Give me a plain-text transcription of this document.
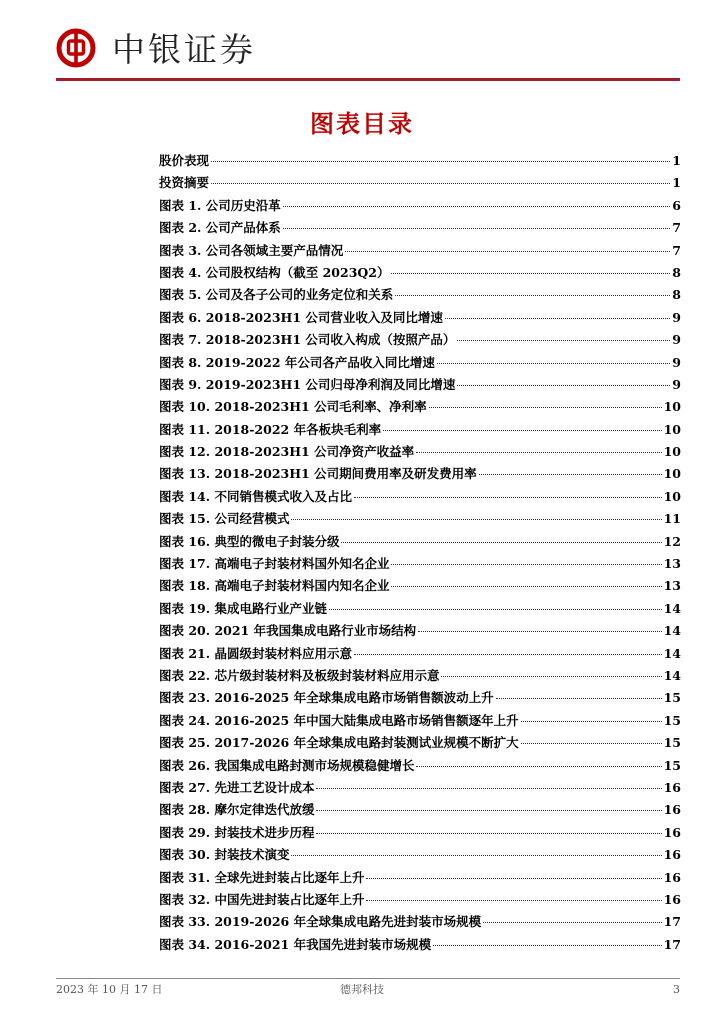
中银证券
图表目录
股价表现	1
投资摘要	1
图表 1. 公司历史沿革	6
图表 2. 公司产品体系	7
图表 3. 公司各领域主要产品情况	7
图表 4. 公司股权结构（截至 2023Q2）	8
图表 5. 公司及各子公司的业务定位和关系	8
图表 6. 2018-2023H1 公司营业收入及同比增速	9
图表 7. 2018-2023H1 公司收入构成（按照产品）	9
图表 8. 2019-2022 年公司各产品收入同比增速	9
图表 9. 2019-2023H1 公司归母净利润及同比增速	9
图表 10. 2018-2023H1 公司毛利率、净利率	10
图表 11. 2018-2022 年各板块毛利率	10
图表 12. 2018-2023H1 公司净资产收益率	10
图表 13. 2018-2023H1 公司期间费用率及研发费用率	10
图表 14. 不同销售模式收入及占比	10
图表 15. 公司经营模式	11
图表 16. 典型的微电子封装分级	12
图表 17. 高端电子封装材料国外知名企业	13
图表 18. 高端电子封装材料国内知名企业	13
图表 19. 集成电路行业产业链	14
图表 20. 2021 年我国集成电路行业市场结构	14
图表 21. 晶圆级封装材料应用示意	14
图表 22. 芯片级封装材料及板级封装材料应用示意	14
图表 23. 2016-2025 年全球集成电路市场销售额波动上升	15
图表 24. 2016-2025 年中国大陆集成电路市场销售额逐年上升	15
图表 25. 2017-2026 年全球集成电路封装测试业规模不断扩大	15
图表 26. 我国集成电路封测市场规模稳健增长	15
图表 27. 先进工艺设计成本	16
图表 28. 摩尔定律迭代放缓	16
图表 29. 封装技术进步历程	16
图表 30. 封装技术演变	16
图表 31. 全球先进封装占比逐年上升	16
图表 32. 中国先进封装占比逐年上升	16
图表 33. 2019-2026 年全球集成电路先进封装市场规模	17
图表 34. 2016-2021 年我国先进封装市场规模	17
2023 年 10 月 17 日	德邦科技	3
